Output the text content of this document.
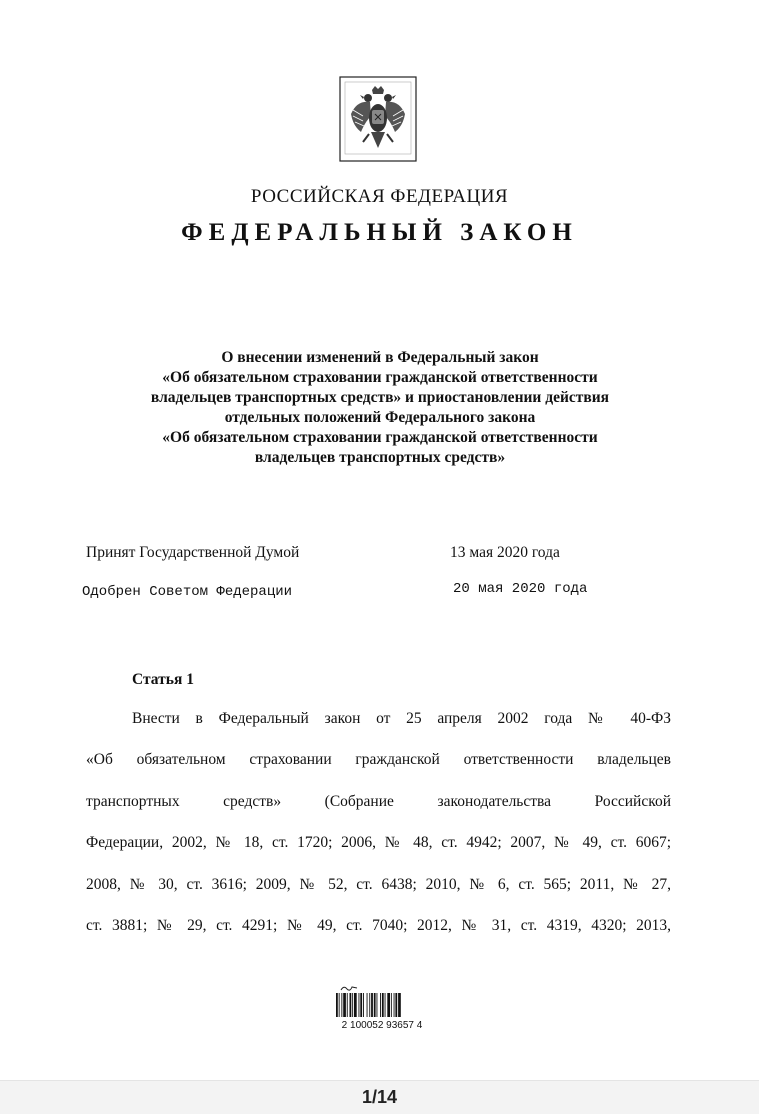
РОССИЙСКАЯ ФЕДЕРАЦИЯ
ФЕДЕРАЛЬНЫЙ ЗАКОН
О внесении изменений в Федеральный закон
«Об обязательном страховании гражданской ответственности
владельцев транспортных средств» и приостановлении действия
отдельных положений Федерального закона
«Об обязательном страховании гражданской ответственности
владельцев транспортных средств»
Принят Государственной Думой	13 мая 2020 года
Одобрен Советом Федерации	20 мая 2020 года
Статья 1
Внести в Федеральный закон от 25 апреля 2002 года № 40-ФЗ
«Об обязательном страховании гражданской ответственности владельцев
транспортных средств» (Собрание законодательства Российской
Федерации, 2002, № 18, ст. 1720; 2006, № 48, ст. 4942; 2007, № 49, ст. 6067;
2008, № 30, ст. 3616; 2009, № 52, ст. 6438; 2010, № 6, ст. 565; 2011, № 27,
ст. 3881; № 29, ст. 4291; № 49, ст. 7040; 2012, № 31, ст. 4319, 4320; 2013,
2 100052 93657 4
1/14
